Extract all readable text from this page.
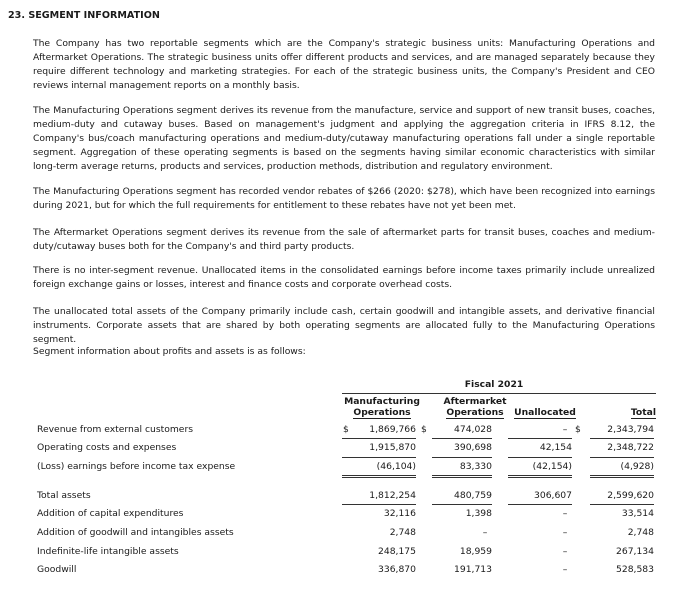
23. SEGMENT INFORMATION

The Company has two reportable segments which are the Company's strategic business units: Manufacturing Operations and Aftermarket Operations. The strategic business units offer different products and services, and are managed separately because they require different technology and marketing strategies. For each of the strategic business units, the Company's President and CEO reviews internal management reports on a monthly basis.

The Manufacturing Operations segment derives its revenue from the manufacture, service and support of new transit buses, coaches, medium-duty and cutaway buses. Based on management's judgment and applying the aggregation criteria in IFRS 8.12, the Company's bus/coach manufacturing operations and medium-duty/cutaway manufacturing operations fall under a single reportable segment. Aggregation of these operating segments is based on the segments having similar economic characteristics with similar long-term average returns, products and services, production methods, distribution and regulatory environment.

The Manufacturing Operations segment has recorded vendor rebates of $266 (2020: $278), which have been recognized into earnings during 2021, but for which the full requirements for entitlement to these rebates have not yet been met.

The Aftermarket Operations segment derives its revenue from the sale of aftermarket parts for transit buses, coaches and medium-duty/cutaway buses both for the Company's and third party products.

There is no inter-segment revenue. Unallocated items in the consolidated earnings before income taxes primarily include unrealized foreign exchange gains or losses, interest and finance costs and corporate overhead costs.

The unallocated total assets of the Company primarily include cash, certain goodwill and intangible assets, and derivative financial instruments. Corporate assets that are shared by both operating segments are allocated fully to the Manufacturing Operations segment.

Segment information about profits and assets is as follows:

Fiscal 2021
Manufacturing
Operations
Aftermarket
Operations	Unallocated	Total
Revenue from external customers	1,869,766	474,028	–	2,343,794
$	$	$
Operating costs and expenses	1,915,870	390,698	42,154	2,348,722
(Loss) earnings before income tax expense	(46,104)	83,330	(42,154)	(4,928)
Total assets	1,812,254	480,759	306,607	2,599,620
Addition of capital expenditures	32,116	1,398	–	33,514
Addition of goodwill and intangibles assets	2,748	–	–	2,748
Indefinite-life intangible assets	248,175	18,959	–	267,134
Goodwill	336,870	191,713	–	528,583
